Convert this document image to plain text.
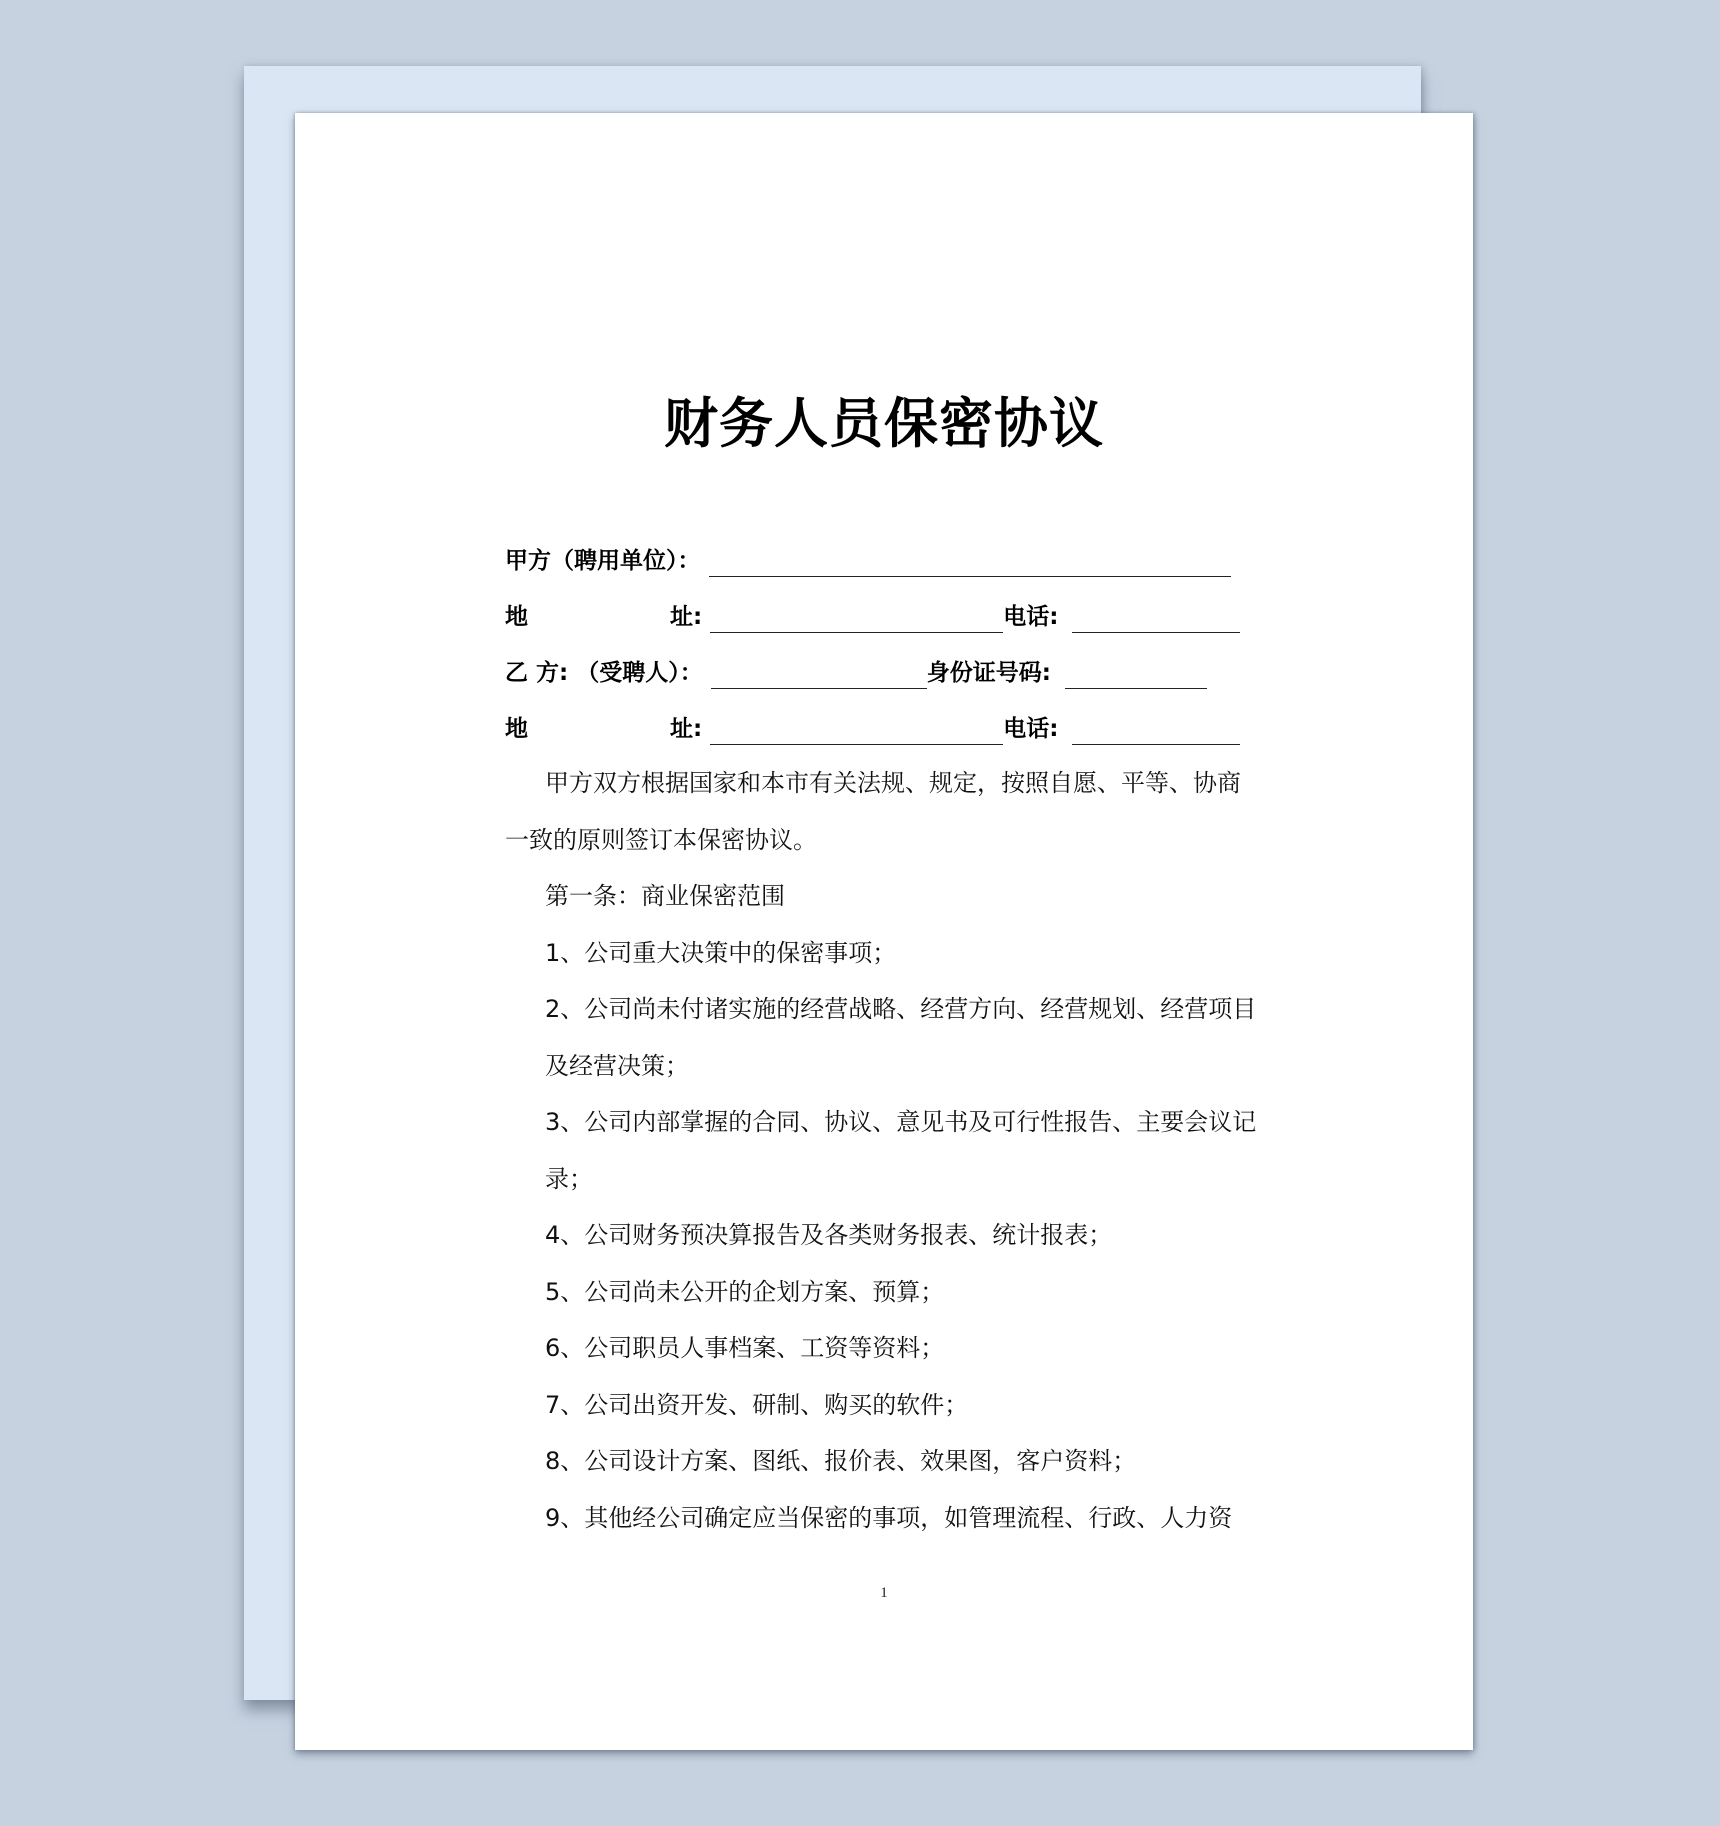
财务人员保密协议
甲方（聘用单位）：
地	址:	电话:
乙 方: （受聘人）：	身份证号码:
地	址:	电话:
甲方双方根据国家和本市有关法规、规定，按照自愿、平等、协商一致的原则签订本保密协议。
第一条：商业保密范围
1、公司重大决策中的保密事项；
2、公司尚未付诸实施的经营战略、经营方向、经营规划、经营项目及经营决策；
3、公司内部掌握的合同、协议、意见书及可行性报告、主要会议记录；
4、公司财务预决算报告及各类财务报表、统计报表；
5、公司尚未公开的企划方案、预算；
6、公司职员人事档案、工资等资料；
7、公司出资开发、研制、购买的软件；
8、公司设计方案、图纸、报价表、效果图，客户资料；
9、其他经公司确定应当保密的事项，如管理流程、行政、人力资
1
